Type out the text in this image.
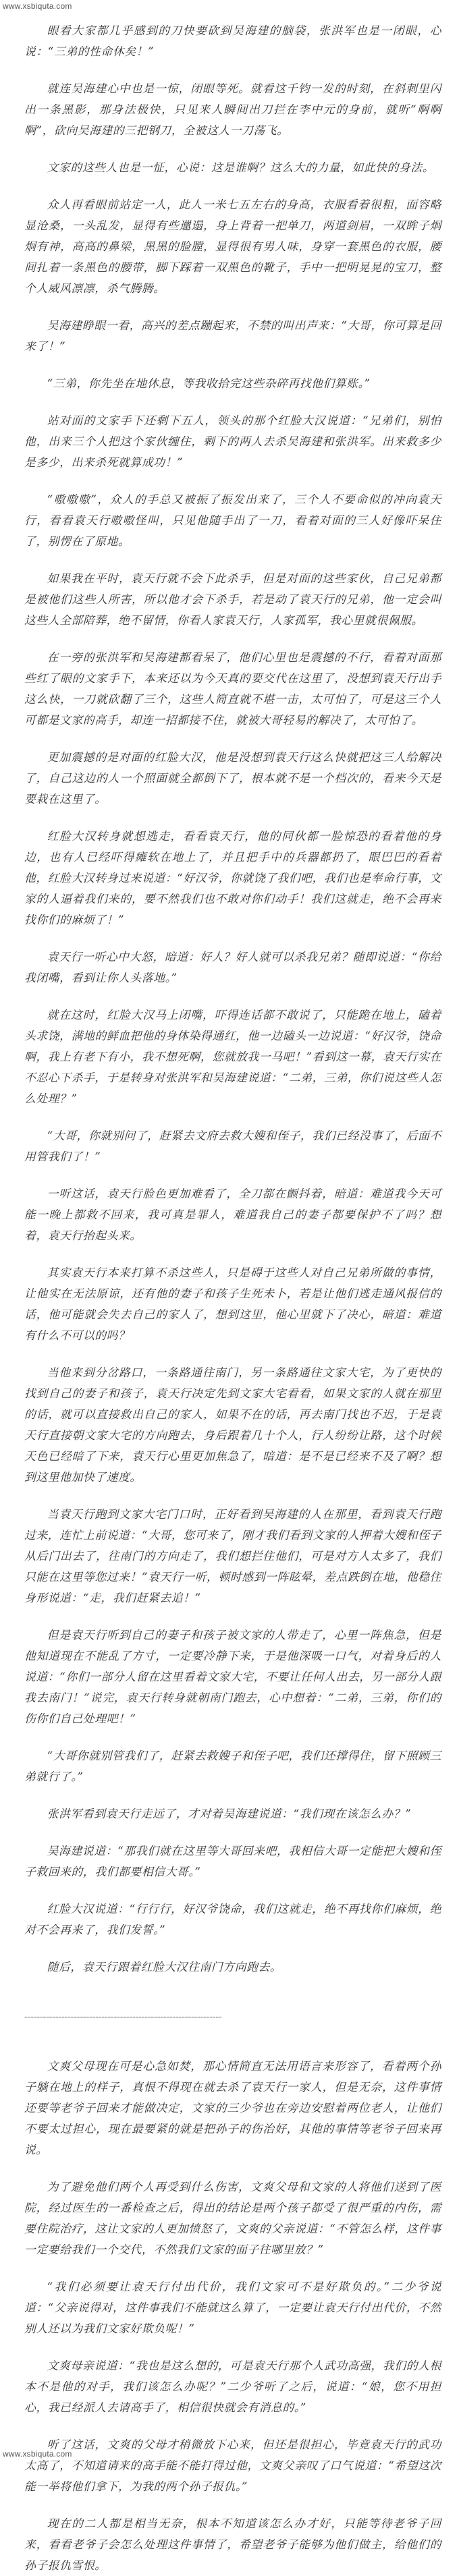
www.xsbiquta.com

眼看大家都几乎感到的刀快要砍到吴海建的脑袋，张洪军也是一闭眼，心说：“三弟的性命休矣！”

就连吴海建心中也是一惊，闭眼等死。就看这千钧一发的时刻，在斜刺里闪出一条黑影，那身法极快，只见来人瞬间出刀拦在李中元的身前，就听“啊啊啊”，砍向吴海建的三把钢刀，全被这人一刀荡飞。

文家的这些人也是一怔，心说：这是谁啊？这么大的力量，如此快的身法。

众人再看眼前站定一人，此人一米七五左右的身高，衣服看着很粗，面容略显沧桑，一头乱发，显得有些邋遢，身上背着一把单刀，两道剑眉，一双眸子炯炯有神，高高的鼻梁，黑黑的脸膛，显得很有男人味，身穿一套黑色的衣服，腰间扎着一条黑色的腰带，脚下踩着一双黑色的靴子，手中一把明晃晃的宝刀，整个人威风凛凛，杀气腾腾。

吴海建睁眼一看，高兴的差点蹦起来，不禁的叫出声来：“大哥，你可算是回来了！”

“三弟，你先坐在地休息，等我收拾完这些杂碎再找他们算账。”

站对面的文家手下还剩下五人，领头的那个红脸大汉说道：“兄弟们，别怕他，出来三个人把这个家伙缠住，剩下的两人去杀吴海建和张洪军。出来救多少是多少，出来杀死就算成功！”

“嗷嗷嗷”，众人的手总又被振了振发出来了，三个人不要命似的冲向袁天行，看看袁天行嗷嗷怪叫，只见他随手出了一刀，看着对面的三人好像吓呆住了，别愣在了原地。

如果我在平时，袁天行就不会下此杀手，但是对面的这些家伙，自己兄弟都是被他们这些人所害，所以他才会下杀手，若是动了袁天行的兄弟，他一定会叫这些人全部陪葬，绝不留情，你看人家袁天行，人家孤军，我心里就很佩服。

在一旁的张洪军和吴海建都看呆了，他们心里也是震撼的不行，看着对面那些红了眼的文家手下，本来还以为今天真的要交代在这里了，没想到袁天行出手这么快，一刀就砍翻了三个，这些人简直就不堪一击，太可怕了，可是这三个人可都是文家的高手，却连一招都接不住，就被大哥轻易的解决了，太可怕了。

更加震撼的是对面的红脸大汉，他是没想到袁天行这么快就把这三人给解决了，自己这边的人一个照面就全都倒下了，根本就不是一个档次的，看来今天是要栽在这里了。

红脸大汉转身就想逃走，看看袁天行，他的同伙都一脸惊恐的看着他的身边，也有人已经吓得瘫软在地上了，并且把手中的兵器都扔了，眼巴巴的看着他，红脸大汉转身过来说道：“好汉爷，你就饶了我们吧，我们也是奉命行事，文家的人逼着我们来的，要不然我们也不敢对你们动手！我们这就走，绝不会再来找你们的麻烦了！”

袁天行一听心中大怒，暗道：好人？好人就可以杀我兄弟？随即说道：“你给我闭嘴，看到让你人头落地。”

就在这时，红脸大汉马上闭嘴，吓得连话都不敢说了，只能跪在地上，磕着头求饶，满地的鲜血把他的身体染得通红，他一边磕头一边说道：“好汉爷，饶命啊，我上有老下有小，我不想死啊，您就放我一马吧！”看到这一幕，袁天行实在不忍心下杀手，于是转身对张洪军和吴海建说道：“二弟，三弟，你们说这些人怎么处理？”

“大哥，你就别问了，赶紧去文府去救大嫂和侄子，我们已经没事了，后面不用管我们了！”

一听这话，袁天行脸色更加难看了，全刀都在颤抖着，暗道：难道我今天可能一晚上都救不回来，我可真是罪人，难道我自己的妻子都要保护不了吗？想着，袁天行抬起头来。

其实袁天行本来打算不杀这些人，只是碍于这些人对自己兄弟所做的事情，让他实在无法原谅，还有他的妻子和孩子生死未卜，若是让他们逃走通风报信的话，他可能就会失去自己的家人了，想到这里，他心里就下了决心，暗道：难道有什么不可以的吗？

当他来到分岔路口，一条路通往南门，另一条路通往文家大宅，为了更快的找到自己的妻子和孩子，袁天行决定先到文家大宅看看，如果文家的人就在那里的话，就可以直接救出自己的家人，如果不在的话，再去南门找也不迟，于是袁天行直接朝文家大宅的方向跑去，身后跟着几十个人，行人纷纷让路，这个时候天色已经暗了下来，袁天行心里更加焦急了，暗道：是不是已经来不及了啊？想到这里他加快了速度。

当袁天行跑到文家大宅门口时，正好看到吴海建的人在那里，看到袁天行跑过来，连忙上前说道：“大哥，您可来了，刚才我们看到文家的人押着大嫂和侄子从后门出去了，往南门的方向走了，我们想拦住他们，可是对方人太多了，我们只能在这里等您过来！”袁天行一听，顿时感到一阵眩晕，差点跌倒在地，他稳住身形说道：“走，我们赶紧去追！”

但是袁天行听到自己的妻子和孩子被文家的人带走了，心里一阵焦急，但是他知道现在不能乱了方寸，一定要冷静下来，于是他深吸一口气，对着身后的人说道：“你们一部分人留在这里看着文家大宅，不要让任何人出去，另一部分人跟我去南门！”说完，袁天行转身就朝南门跑去，心中想着：“二弟，三弟，你们的伤你们自己处理吧！”

“大哥你就别管我们了，赶紧去救嫂子和侄子吧，我们还撑得住，留下照顾三弟就行了。”

张洪军看到袁天行走远了，才对着吴海建说道：“我们现在该怎么办？”

吴海建说道：“那我们就在这里等大哥回来吧，我相信大哥一定能把大嫂和侄子救回来的，我们都要相信大哥。”

红脸大汉说道：“行行行，好汉爷饶命，我们这就走，绝不再找你们麻烦，绝对不会再来了，我们发誓。”

随后，袁天行跟着红脸大汉往南门方向跑去。

----------------------------------------------------------------

文爽父母现在可是心急如焚，那心情简直无法用语言来形容了，看着两个孙子躺在地上的样子，真恨不得现在就去杀了袁天行一家人，但是无奈，这件事情还要等老爷子回来才能做决定，文家的三少爷也在旁边安慰着两位老人，让他们不要太过担心，现在最要紧的就是把孙子的伤治好，其他的事情等老爷子回来再说。

为了避免他们两个人再受到什么伤害，文爽父母和文家的人将他们送到了医院，经过医生的一番检查之后，得出的结论是两个孩子都受了很严重的内伤，需要住院治疗，这让文家的人更加愤怒了，文爽的父亲说道：“不管怎么样，这件事一定要给我们一个交代，不然我们文家的面子往哪里放？”

“我们必须要让袁天行付出代价，我们文家可不是好欺负的。”二少爷说道：“父亲说得对，这件事我们不能就这么算了，一定要让袁天行付出代价，不然别人还以为我们文家好欺负呢！”

文爽母亲说道：“我也是这么想的，可是袁天行那个人武功高强，我们的人根本不是他的对手，我们该怎么办呢？”二少爷听了之后，说道：“娘，您不用担心，我已经派人去请高手了，相信很快就会有消息的。”

听了这话，文爽的父母才稍微放下心来，但还是很担心，毕竟袁天行的武功太高了，不知道请来的高手能不能打得过他，文爽父亲叹了口气说道：“希望这次能一举将他们拿下，为我的两个孙子报仇。”

现在的二人都是相当无奈，根本不知道该怎么办才好，只能等待老爷子回来，看看老爷子会怎么处理这件事情了，希望老爷子能够为他们做主，给他们的孙子报仇雪恨。

www.xsbiquta.com
